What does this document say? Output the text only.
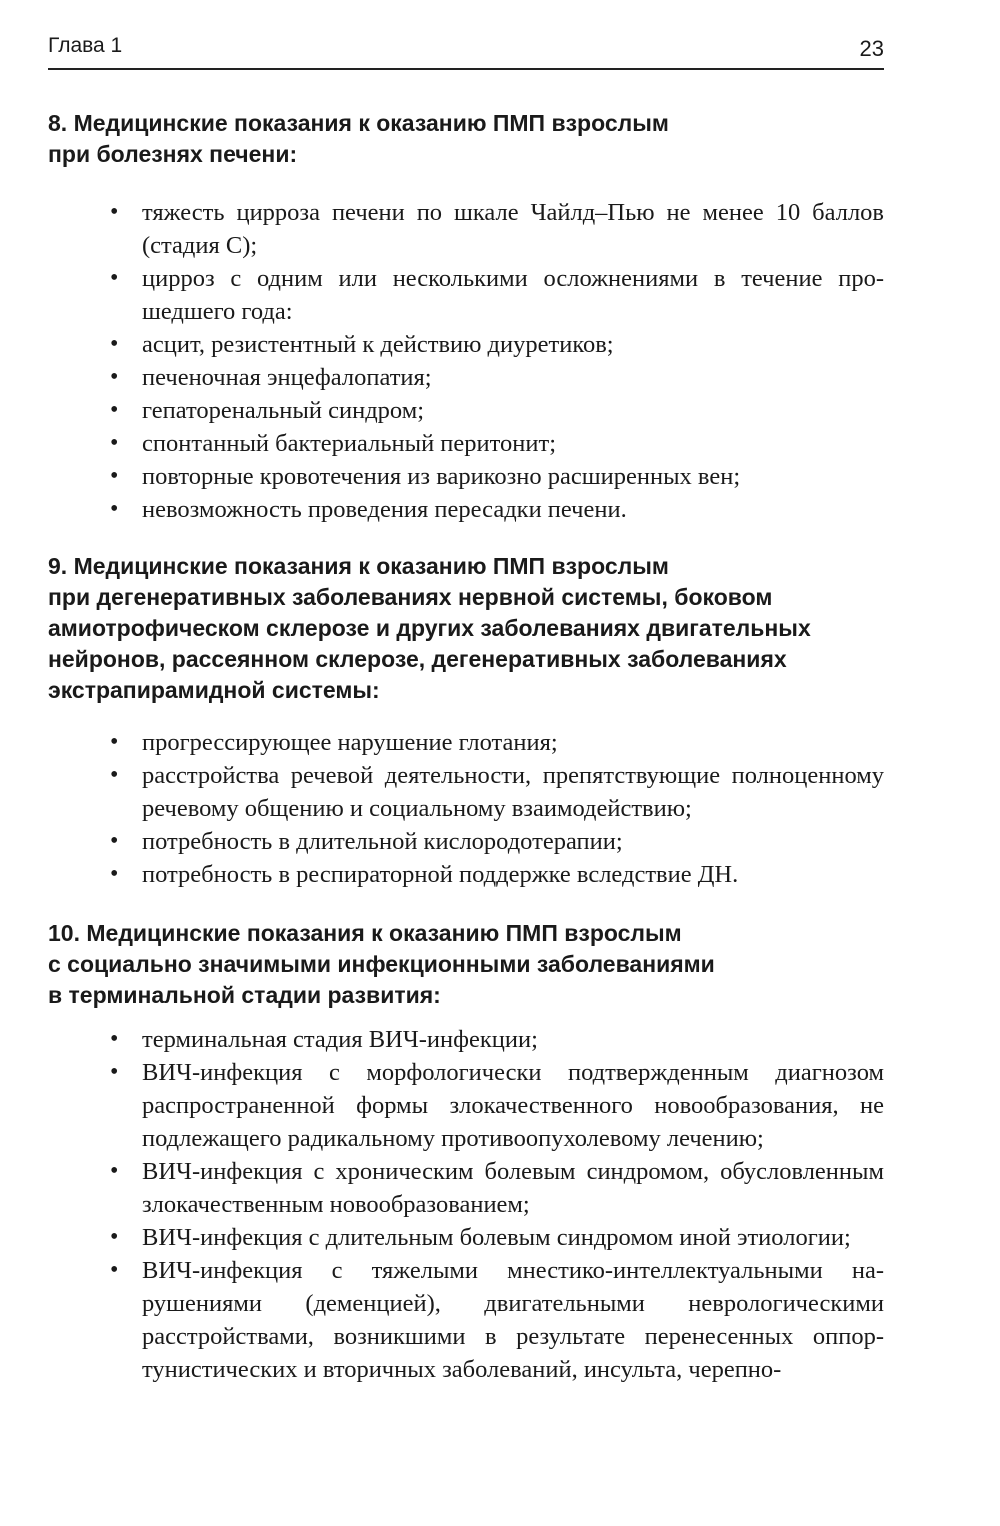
Глава 1	23
8. Медицинские показания к оказанию ПМП взрослым
при болезнях печени:
• тяжесть цирроза печени по шкале Чайлд–Пью не менее 10 баллов (стадия С);
• цирроз с одним или несколькими осложнениями в течение прошедшего года:
• асцит, резистентный к действию диуретиков;
• печеночная энцефалопатия;
• гепаторенальный синдром;
• спонтанный бактериальный перитонит;
• повторные кровотечения из варикозно расширенных вен;
• невозможность проведения пересадки печени.
9. Медицинские показания к оказанию ПМП взрослым
при дегенеративных заболеваниях нервной системы, боковом
амиотрофическом склерозе и других заболеваниях двигательных
нейронов, рассеянном склерозе, дегенеративных заболеваниях
экстрапирамидной системы:
• прогрессирующее нарушение глотания;
• расстройства речевой деятельности, препятствующие полноценному речевому общению и социальному взаимодействию;
• потребность в длительной кислородотерапии;
• потребность в респираторной поддержке вследствие ДН.
10. Медицинские показания к оказанию ПМП взрослым
с социально значимыми инфекционными заболеваниями
в терминальной стадии развития:
• терминальная стадия ВИЧ-инфекции;
• ВИЧ-инфекция с морфологически подтвержденным диагнозом распространенной формы злокачественного новообразования, не подлежащего радикальному противоопухолевому лечению;
• ВИЧ-инфекция с хроническим болевым синдромом, обусловленным злокачественным новообразованием;
• ВИЧ-инфекция с длительным болевым синдромом иной этиологии;
• ВИЧ-инфекция с тяжелыми мнестико-интеллектуальными нарушениями (деменцией), двигательными неврологическими расстройствами, возникшими в результате перенесенных оппортунистических и вторичных заболеваний, инсульта, черепно-
